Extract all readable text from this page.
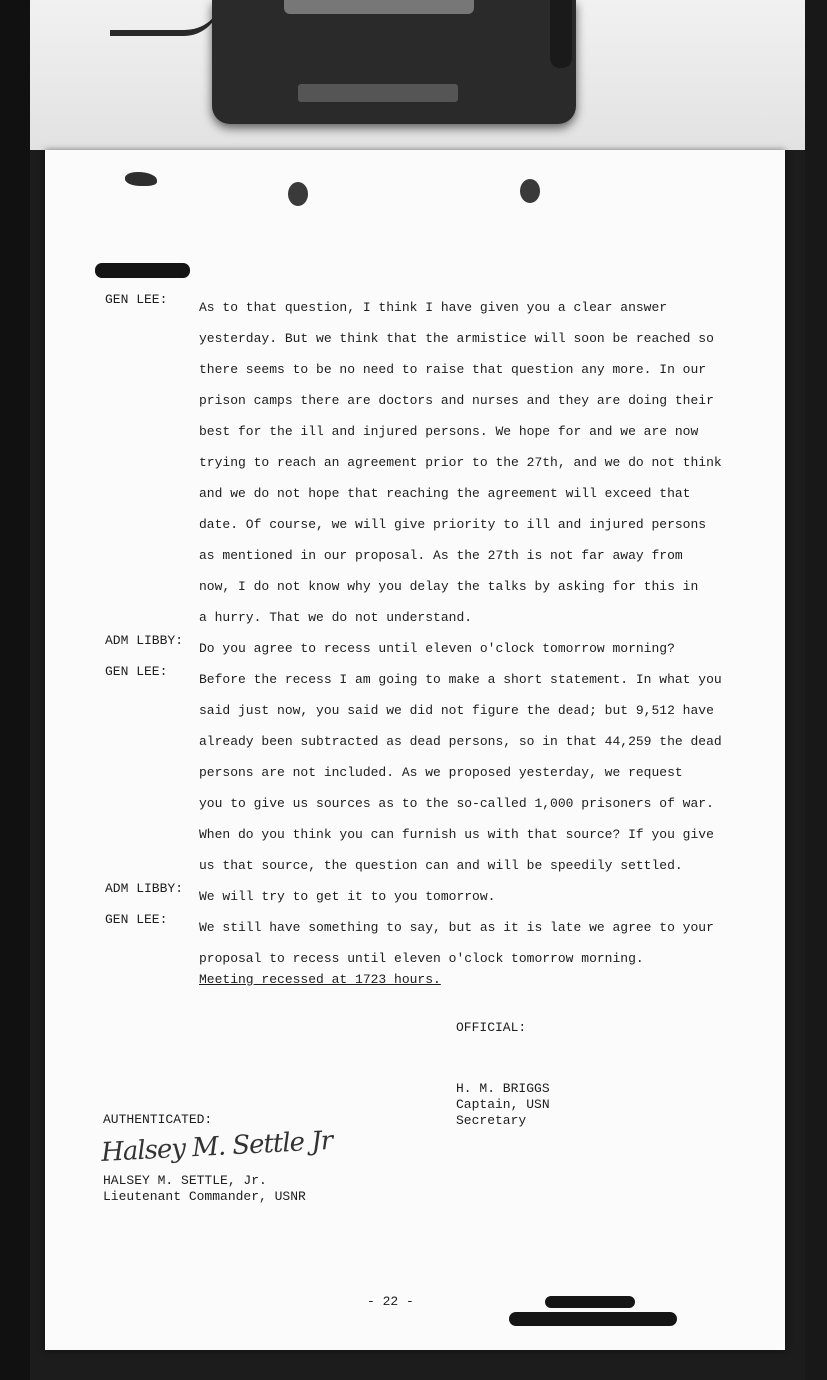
GEN LEE:
As to that question, I think I have given you a clear answer
yesterday. But we think that the armistice will soon be reached so
there seems to be no need to raise that question any more. In our
prison camps there are doctors and nurses and they are doing their
best for the ill and injured persons. We hope for and we are now
trying to reach an agreement prior to the 27th, and we do not think
and we do not hope that reaching the agreement will exceed that
date. Of course, we will give priority to ill and injured persons
as mentioned in our proposal. As the 27th is not far away from
now, I do not know why you delay the talks by asking for this in
a hurry. That we do not understand.
ADM LIBBY:
Do you agree to recess until eleven o'clock tomorrow morning?
GEN LEE:
Before the recess I am going to make a short statement. In what you
said just now, you said we did not figure the dead; but 9,512 have
already been subtracted as dead persons, so in that 44,259 the dead
persons are not included. As we proposed yesterday, we request
you to give us sources as to the so-called 1,000 prisoners of war.
When do you think you can furnish us with that source? If you give
us that source, the question can and will be speedily settled.
ADM LIBBY:
We will try to get it to you tomorrow.
GEN LEE:
We still have something to say, but as it is late we agree to your
proposal to recess until eleven o'clock tomorrow morning.
Meeting recessed at 1723 hours.
OFFICIAL:
H. M. BRIGGS
Captain, USN
Secretary
AUTHENTICATED:
Halsey M. Settle Jr
HALSEY M. SETTLE, Jr.
Lieutenant Commander, USNR
- 22 -
